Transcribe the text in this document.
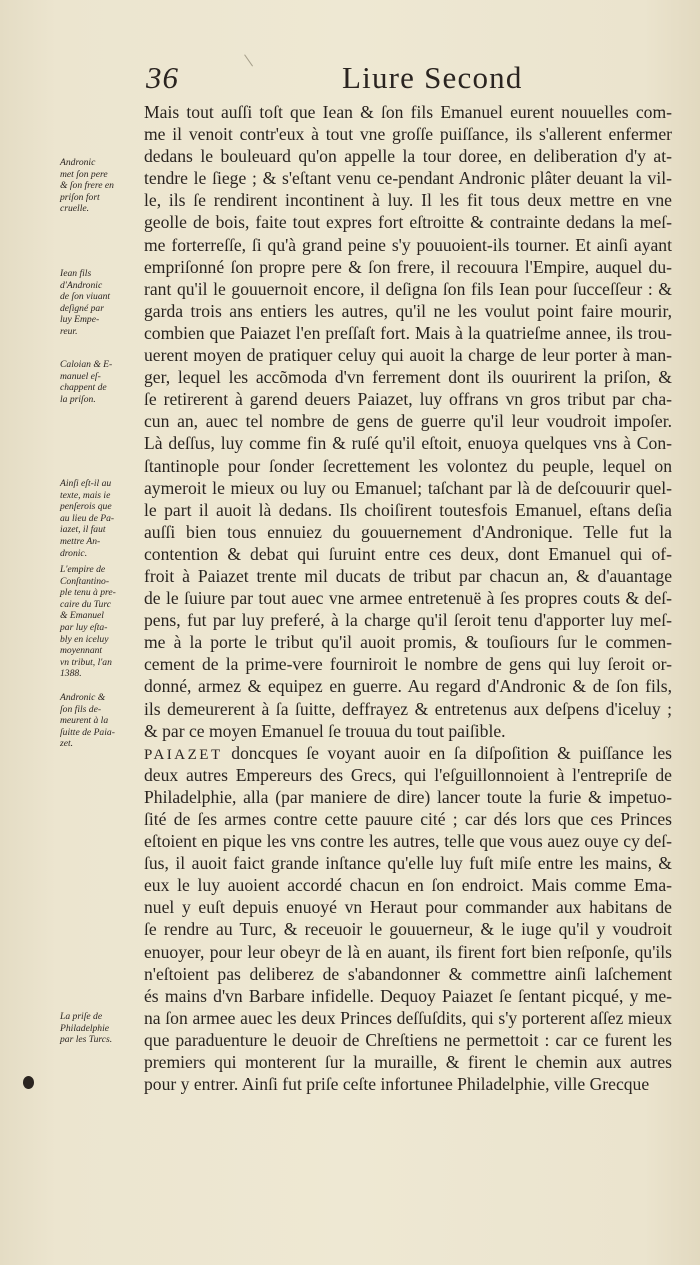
36	Liure Second
Mais tout auſſi toſt que Iean & ſon fils Emanuel eurent nouuelles com-
me il venoit contr'eux à tout vne groſſe puiſſance, ils s'allerent enfermer
dedans le bouleuard qu'on appelle la tour doree, en deliberation d'y at-
tendre le ſiege ; & s'eſtant venu ce-pendant Andronic plâter deuant la vil-
le, ils ſe rendirent incontinent à luy. Il les fit tous deux mettre en vne
geolle de bois, faite tout expres fort eſtroitte & contrainte dedans la meſ-
me forterreſſe, ſi qu'à grand peine s'y pouuoient-ils tourner. Et ainſi ayant
empriſonné ſon propre pere & ſon frere, il recouura l'Empire, auquel du-
rant qu'il le gouuernoit encore, il deſigna ſon fils Iean pour ſucceſſeur : &
garda trois ans entiers les autres, qu'il ne les voulut point faire mourir,
combien que Paiazet l'en preſſaſt fort. Mais à la quatrieſme annee, ils trou-
uerent moyen de pratiquer celuy qui auoit la charge de leur porter à man-
ger, lequel les accõmoda d'vn ferrement dont ils ouurirent la priſon, &
ſe retirerent à garend deuers Paiazet, luy offrans vn gros tribut par cha-
cun an, auec tel nombre de gens de guerre qu'il leur voudroit impoſer.
Là deſſus, luy comme fin & ruſé qu'il eſtoit, enuoya quelques vns à Con-
ſtantinople pour ſonder ſecrettement les volontez du peuple, lequel on
aymeroit le mieux ou luy ou Emanuel; taſchant par là de deſcouurir quel-
le part il auoit là dedans. Ils choiſirent toutesfois Emanuel, eſtans deſia
auſſi bien tous ennuiez du gouuernement d'Andronique. Telle fut la
contention & debat qui ſuruint entre ces deux, dont Emanuel qui of-
froit à Paiazet trente mil ducats de tribut par chacun an, & d'auantage
de le ſuiure par tout auec vne armee entretenuë à ſes propres couts & deſ-
pens, fut par luy preferé, à la charge qu'il ſeroit tenu d'apporter luy meſ-
me à la porte le tribut qu'il auoit promis, & touſiours ſur le commen-
cement de la prime-vere fourniroit le nombre de gens qui luy ſeroit or-
donné, armez & equipez en guerre. Au regard d'Andronic & de ſon fils,
ils demeurerent à ſa ſuitte, deffrayez & entretenus aux deſpens d'iceluy ;
& par ce moyen Emanuel ſe trouua du tout paiſible.
PAIAZET doncques ſe voyant auoir en ſa diſpoſition & puiſſance les
deux autres Empereurs des Grecs, qui l'eſguillonnoient à l'entrepriſe de
Philadelphie, alla (par maniere de dire) lancer toute la furie & impetuo-
ſité de ſes armes contre cette pauure cité ; car dés lors que ces Princes
eſtoient en pique les vns contre les autres, telle que vous auez ouye cy deſ-
ſus, il auoit faict grande inſtance qu'elle luy fuſt miſe entre les mains, &
eux le luy auoient accordé chacun en ſon endroict. Mais comme Ema-
nuel y euſt depuis enuoyé vn Heraut pour commander aux habitans de
ſe rendre au Turc, & receuoir le gouuerneur, & le iuge qu'il y voudroit
enuoyer, pour leur obeyr de là en auant, ils firent fort bien reſponſe, qu'ils
n'eſtoient pas deliberez de s'abandonner & commettre ainſi laſchement
és mains d'vn Barbare infidelle. Dequoy Paiazet ſe ſentant picqué, y me-
na ſon armee auec les deux Princes deſſuſdits, qui s'y porterent aſſez mieux
que paraduenture le deuoir de Chreſtiens ne permettoit : car ce furent les
premiers qui monterent ſur la muraille, & firent le chemin aux autres
pour y entrer. Ainſi fut priſe ceſte infortunee Philadelphie, ville Grecque
Andronic
met ſon pere
& ſon frere en
priſon fort
cruelle.
Iean fils
d'Andronic
de ſon viuant
deſigné par
luy Empe-
reur.
Caloian & E-
manuel eſ-
chappent de
la priſon.
Ainſi eſt-il au
texte, mais ie
penſerois que
au lieu de Pa-
iazet, il faut
mettre An-
dronic.
L'empire de
Conſtantino-
ple tenu à pre-
caire du Turc
& Emanuel
par luy eſta-
bly en iceluy
moyennant
vn tribut, l'an
1388.
Andronic &
ſon fils de-
meurent à la
ſuitte de Paia-
zet.
La priſe de
Philadelphie
par les Turcs.
